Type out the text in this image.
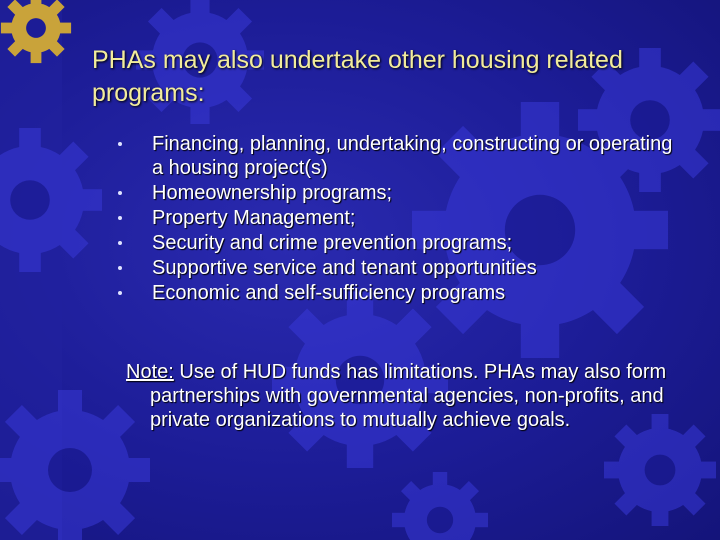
PHAs may also undertake other housing related programs:
Financing, planning, undertaking, constructing or operating a housing project(s)
Homeownership programs;
Property Management;
Security and crime prevention programs;
Supportive service and tenant opportunities
Economic and self-sufficiency programs

Note: Use of HUD funds has limitations. PHAs may also form partnerships with governmental agencies, non-profits, and private organizations to mutually achieve goals.
